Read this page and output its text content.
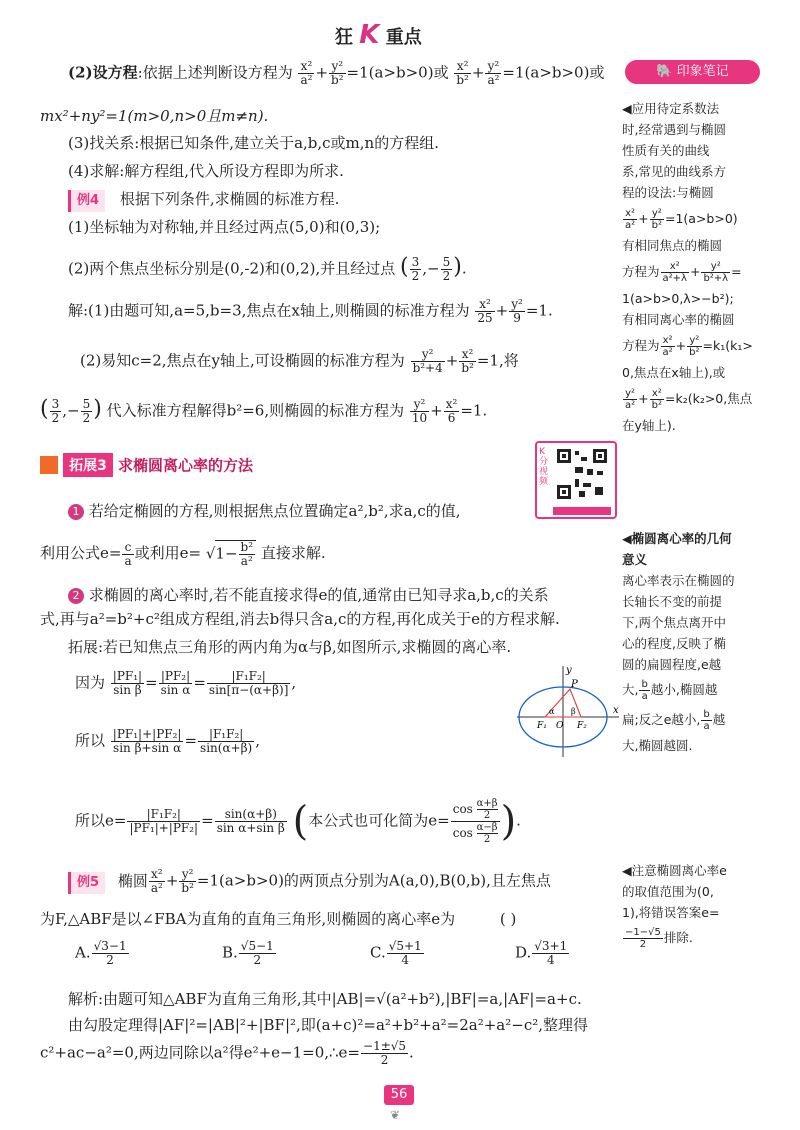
狂 K 重点
🐘 印象笔记
(2)设方程:依据上述判断设方程为 $\frac{\text{x²}}{\text{a²}} + \frac{\text{y²}}{\text{b²}} =1(a>b>0)$或 $\frac{\text{x²}}{\text{b²}} + \frac{\text{y²}}{\text{a²}} =1(a>b>0)$或
mx²+ny²=1(m>0,n>0且m≠n).
(3)找关系:根据已知条件,建立关于a,b,c或m,n的方程组.
(4)求解:解方程组,代入所设方程即为所求.
例4 根据下列条件,求椭圆的标准方程.
(1)坐标轴为对称轴,并且经过两点(5,0)和(0,3);
(2)两个焦点坐标分别是(0,-2)和(0,2),并且经过点 ( $\frac{3}{2}$ ,− $\frac{5}{2}$ ).
解:(1)由题可知,a=5,b=3,焦点在x轴上,则椭圆的标准方程为 $\frac{\text{x²}}{25} + \frac{\text{y²}}{9} =1$.
(2)易知c=2,焦点在y轴上,可设椭圆的标准方程为 $\frac{\text{y²}}{\text{b²+4}} + \frac{\text{x²}}{\text{b²}} =1$,将
( $\frac{3}{2}$ ,− $\frac{5}{2}$ ) 代入标准方程解得b²=6,则椭圆的标准方程为 $\frac{\text{y²}}{10} + \frac{\text{x²}}{6} =1$.
拓展3 求椭圆离心率的方法
K 分视频
1 若给定椭圆的方程,则根据焦点位置确定a²,b²,求a,c的值,
利用公式$e= \frac{c}{a}$ 或利用$e= √1- \frac{\text{b²}}{\text{a²}}$ 直接求解.
2 求椭圆的离心率时,若不能直接求得e的值,通常由已知寻求a,b,c的关系
式,再与a²=b²+c²组成方程组,消去b得只含a,c的方程,再化成关于e的方程求解.
拓展:若已知焦点三角形的两内角为α与β,如图所示,求椭圆的离心率.
因为 $\frac{\text{|PF₁|}}{\text{sin β}} = \frac{\text{|PF₂|}}{\text{sin α}} = \frac{\text{|F₁F₂|}}{\sin[\pi-(\alpha+\beta)]}$ ,
所以 $\frac{\text{|PF₁|+|PF₂|}}{\text{sin β+sin α}} = \frac{\text{|F₁F₂|}}{\sin(\alpha+\beta)}$ ,
所以$e= \frac{\text{|F₁F₂|}}{\text{|PF₁|+|PF₂|}} = \frac{\sin(\alpha+\beta)}{\text{sin α+sin β}}$ (本公式也可化简为$e= \frac{\cos \frac{\alpha+\beta}{2}}{\cos \frac{\alpha-\beta}{2}}$ ).
y
P
x
F₁ O F₂
α β
例5 椭圆 $\frac{\text{x²}}{\text{a²}} + \frac{\text{y²}}{\text{b²}} =1(a>b>0)$的两顶点分别为A(a,0),B(0,b),且左焦点
为F,△ABF是以∠FBA为直角的直角三角形,则椭圆的离心率e为	( )
A. $\frac{√3-1}{2}$	B. $\frac{√5-1}{2}$	C. $\frac{√5+1}{4}$	D. $\frac{√3+1}{4}$
解析:由题可知△ABF为直角三角形,其中|AB|=√(a²+b²),|BF|=a,|AF|=a+c.
由勾股定理得|AF|²=|AB|²+|BF|²,即(a+c)²=a²+b²+a²=2a²+a²−c²,整理得
c²+ac−a²=0,两边同除以a²得e²+e−1=0,∴e= $\frac{-1\pm√5}{2}$ .
56
❦
◀应用待定系数法
时,经常遇到与椭圆
性质有关的曲线
系,常见的曲线系方
程的设法:与椭圆
$\frac{\text{x²}}{\text{a²}} + \frac{\text{y²}}{\text{b²}} =1(a>b>0)$
有相同焦点的椭圆
方程为 $\frac{\text{x²}}{\text{a²+λ}} + \frac{\text{y²}}{\text{b²+λ}}$ =
1(a>b>0,λ>−b²);
有相同离心率的椭圆
方程为 $\frac{\text{x²}}{\text{a²}} + \frac{\text{y²}}{\text{b²}} =k_1(k_1>$
0,焦点在x轴上),或
$\frac{\text{y²}}{\text{a²}} + \frac{\text{x²}}{\text{b²}} =k_2(k_2>0$,焦点
在y轴上).
◀椭圆离心率的几何
意义
离心率表示在椭圆的
长轴长不变的前提
下,两个焦点离开中
心的程度,反映了椭
圆的扁圆程度,e越
大, $\frac{b}{a}$ 越小,椭圆越
扁;反之e越小, $\frac{b}{a}$ 越
大,椭圆越圆.
◀注意椭圆离心率e
的取值范围为(0,
1),将错误答案e=
$\frac{-1-√5}{2}$ 排除.
